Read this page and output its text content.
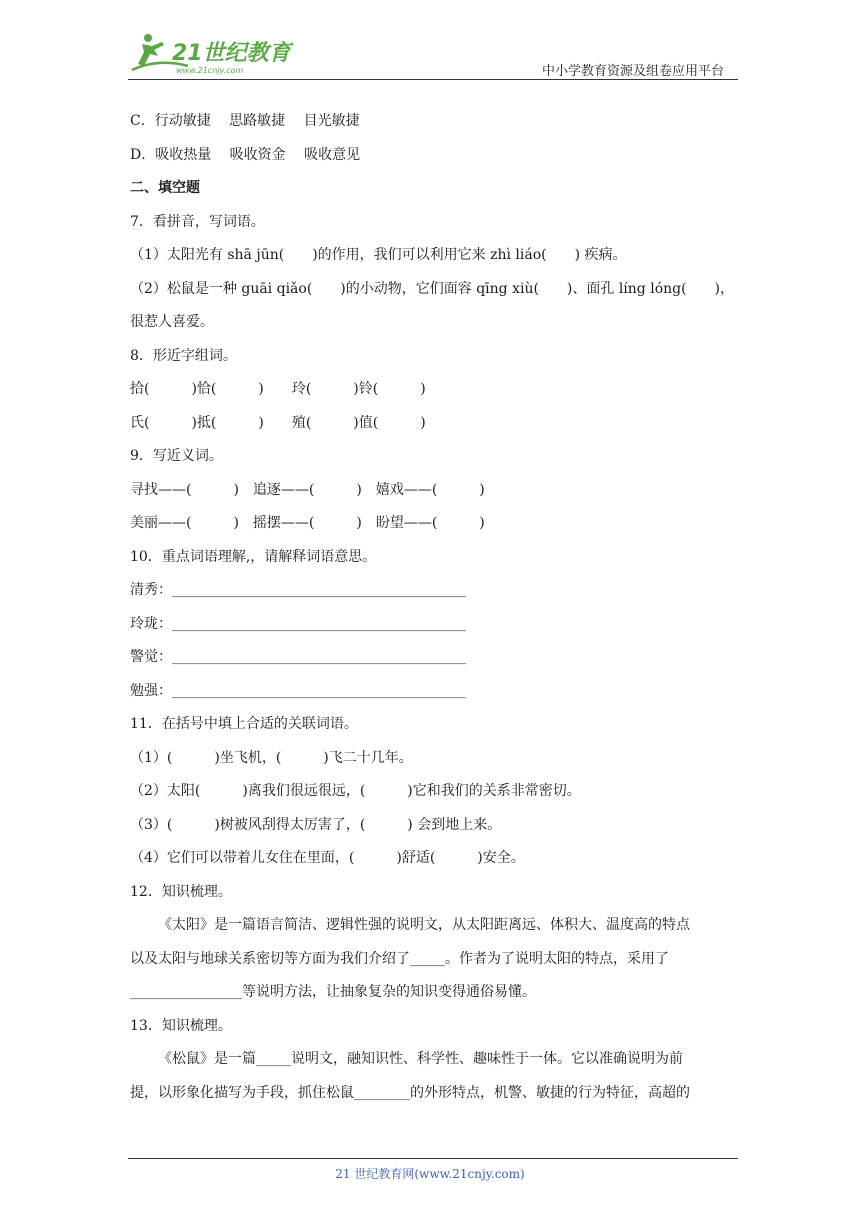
21世纪教育
www.21cnjy.com	中小学教育资源及组卷应用平台
C．行动敏捷　 思路敏捷　 目光敏捷
D．吸收热量　 吸收资金　 吸收意见
二、填空题
7．看拼音，写词语。
（1）太阳光有 shā jūn(　　)的作用，我们可以利用它来 zhì liáo(　　) 疾病。
（2）松鼠是一种 guāi qiǎo(　　)的小动物，它们面容 qīng xiù(　　)、面孔 líng lóng(　　)，
很惹人喜爱。
8．形近字组词。
拾(　　　)恰(　　　)　　玲(　　　)铃(　　　)
氏(　　　)抵(　　　)　　殖(　　　)值(　　　)
9．写近义词。
寻找——(　　　)　追逐——(　　　)　嬉戏——(　　　)
美丽——(　　　)　摇摆——(　　　)　盼望——(　　　)
10．重点词语理解,，请解释词语意思。
清秀：__________________________________________
玲珑：__________________________________________
警觉：__________________________________________
勉强：__________________________________________
11．在括号中填上合适的关联词语。
（1）(　　　)坐飞机，(　　　)飞二十几年。
（2）太阳(　　　)离我们很远很远，(　　　)它和我们的关系非常密切。
（3）(　　　)树被风刮得太厉害了，(　　　) 会到地上来。
（4）它们可以带着儿女住在里面，(　　　)舒适(　　　)安全。
12．知识梳理。
《太阳》是一篇语言简洁、逻辑性强的说明文，从太阳距离远、体积大、温度高的特点
以及太阳与地球关系密切等方面为我们介绍了_____。作者为了说明太阳的特点，采用了
________________等说明方法，让抽象复杂的知识变得通俗易懂。
13．知识梳理。
《松鼠》是一篇_____说明文，融知识性、科学性、趣味性于一体。它以准确说明为前
提，以形象化描写为手段，抓住松鼠________的外形特点，机警、敏捷的行为特征，高超的
21 世纪教育网(www.21cnjy.com)
